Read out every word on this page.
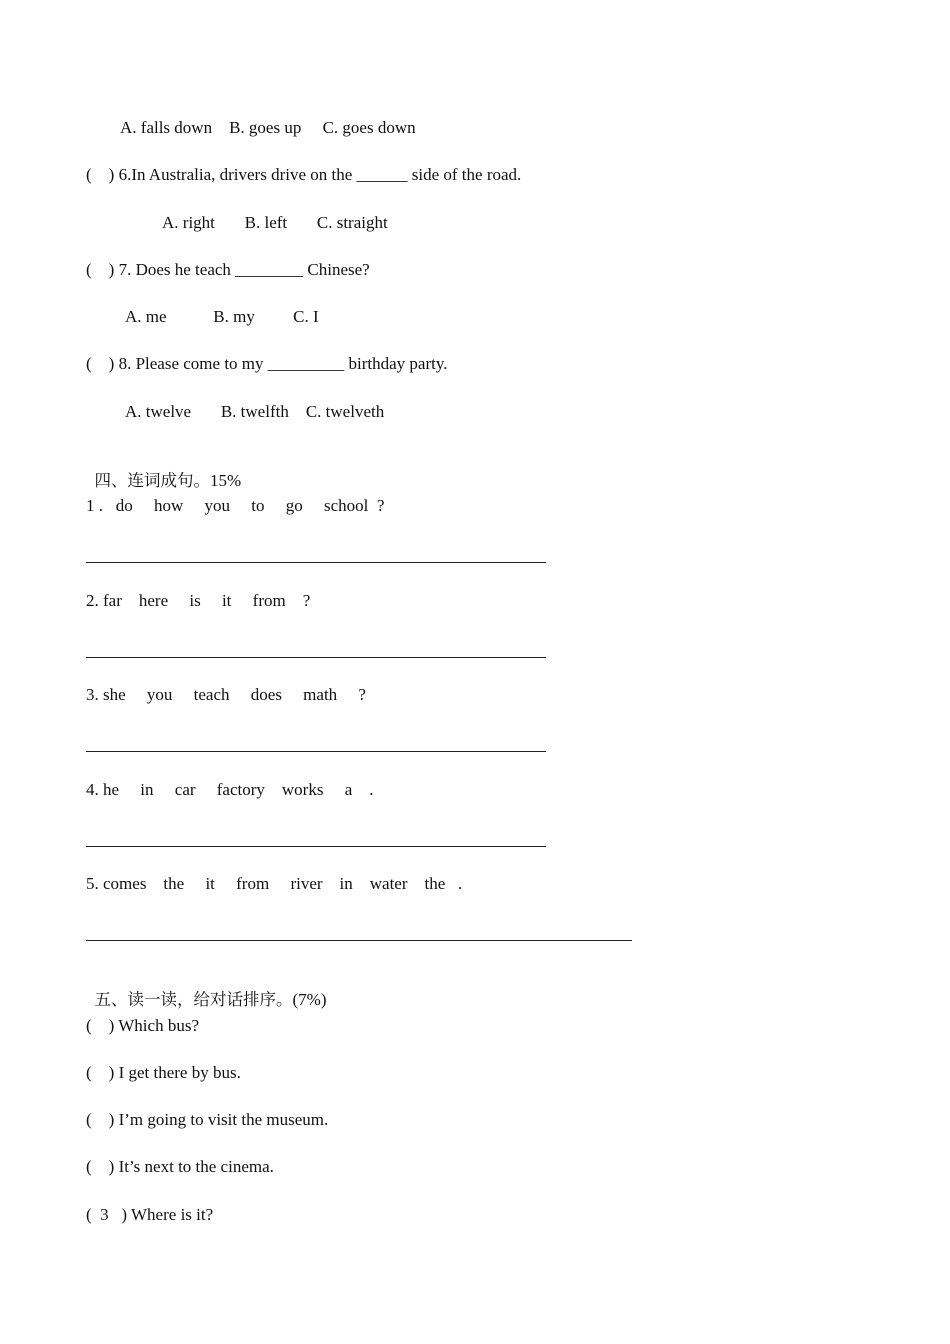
A. falls down    B. goes up     C. goes down
(    ) 6.In Australia, drivers drive on the ______ side of the road.
A. right       B. left       C. straight
(    ) 7. Does he teach ________ Chinese?
A. me           B. my         C. I
(    ) 8. Please come to my _________ birthday party.
A. twelve       B. twelfth    C. twelveth

四、连词成句。15%

1 .   do     how     you     to     go     school  ?
2. far    here     is     it     from    ?
3. she     you     teach     does     math     ?
4. he     in     car     factory    works     a    .
5. comes    the     it     from     river    in    water    the   .

五、读一读，给对话排序。(7%)

(    ) Which bus?
(    ) I get there by bus.
(    ) I’m going to visit the museum.
(    ) It’s next to the cinema.
(  3   ) Where is it?
